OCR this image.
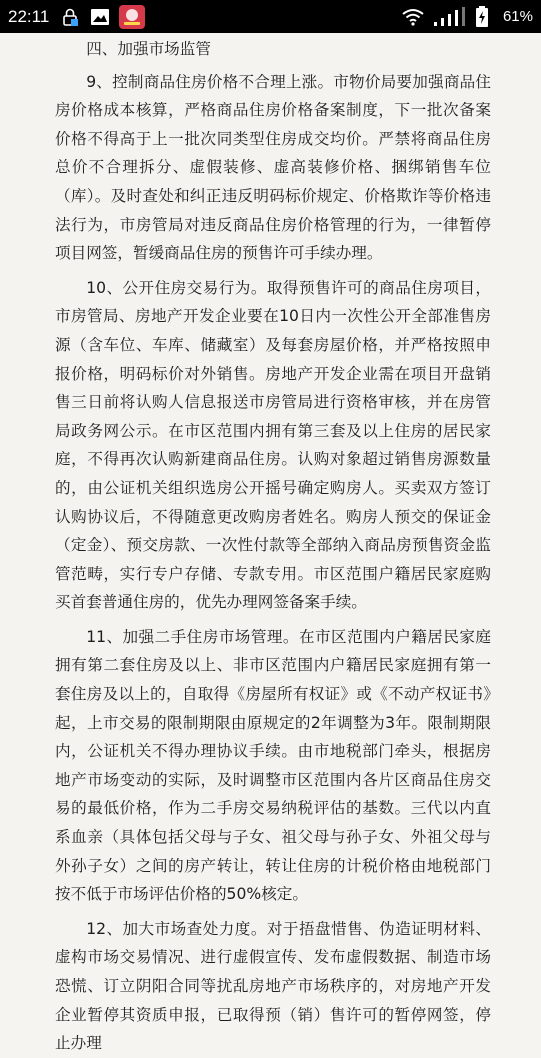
22:11	61%
四、加强市场监管

9、控制商品住房价格不合理上涨。市物价局要加强商品住房价格成本核算，严格商品住房价格备案制度，下一批次备案价格不得高于上一批次同类型住房成交均价。严禁将商品住房总价不合理拆分、虚假装修、虚高装修价格、捆绑销售车位（库）。及时查处和纠正违反明码标价规定、价格欺诈等价格违法行为，市房管局对违反商品住房价格管理的行为，一律暂停项目网签，暂缓商品住房的预售许可手续办理。

10、公开住房交易行为。取得预售许可的商品住房项目，市房管局、房地产开发企业要在10日内一次性公开全部准售房源（含车位、车库、储藏室）及每套房屋价格，并严格按照申报价格，明码标价对外销售。房地产开发企业需在项目开盘销售三日前将认购人信息报送市房管局进行资格审核，并在房管局政务网公示。在市区范围内拥有第三套及以上住房的居民家庭，不得再次认购新建商品住房。认购对象超过销售房源数量的，由公证机关组织选房公开摇号确定购房人。买卖双方签订认购协议后，不得随意更改购房者姓名。购房人预交的保证金（定金）、预交房款、一次性付款等全部纳入商品房预售资金监管范畴，实行专户存储、专款专用。市区范围户籍居民家庭购买首套普通住房的，优先办理网签备案手续。

11、加强二手住房市场管理。在市区范围内户籍居民家庭拥有第二套住房及以上、非市区范围内户籍居民家庭拥有第一套住房及以上的，自取得《房屋所有权证》或《不动产权证书》起，上市交易的限制期限由原规定的2年调整为3年。限制期限内，公证机关不得办理协议手续。由市地税部门牵头，根据房地产市场变动的实际，及时调整市区范围内各片区商品住房交易的最低价格，作为二手房交易纳税评估的基数。三代以内直系血亲（具体包括父母与子女、祖父母与孙子女、外祖父母与外孙子女）之间的房产转让，转让住房的计税价格由地税部门按不低于市场评估价格的50%核定。

12、加大市场查处力度。对于捂盘惜售、伪造证明材料、虚构市场交易情况、进行虚假宣传、发布虚假数据、制造市场恐慌、订立阴阳合同等扰乱房地产市场秩序的，对房地产开发企业暂停其资质申报，已取得预（销）售许可的暂停网签，停止办理
